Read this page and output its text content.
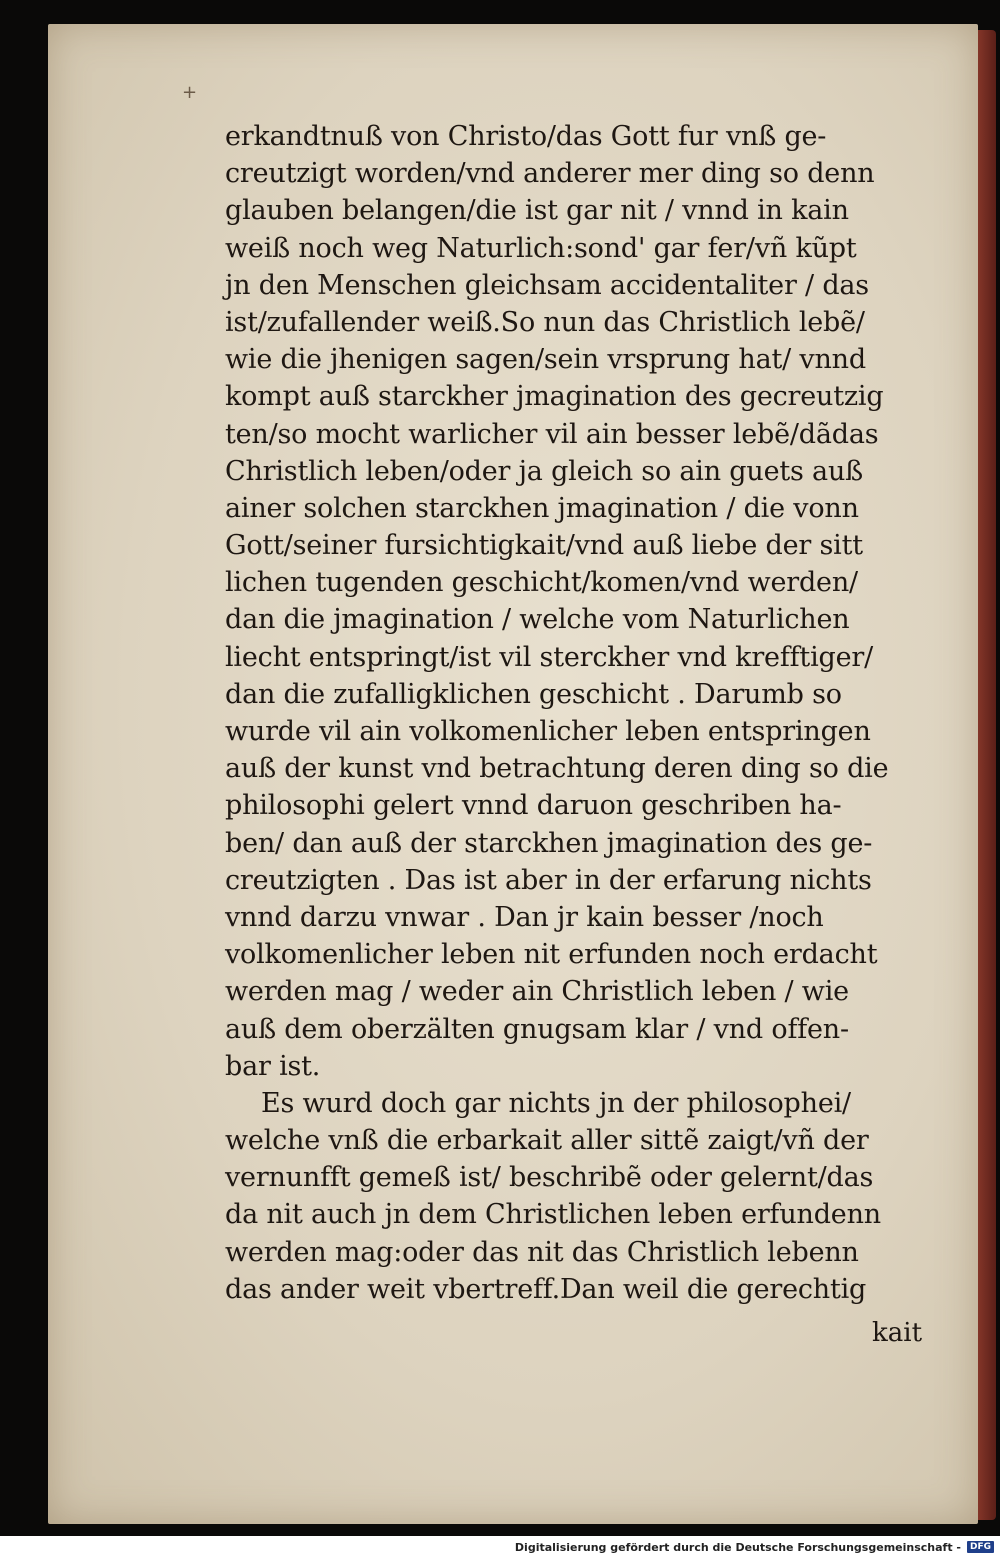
+
erkandtnuß von Christo/das Gott fur vnß ge-
creutzigt worden/vnd anderer mer ding so denn
glauben belangen/die ist gar nit / vnnd in kain
weiß noch weg Naturlich:sond' gar fer/vñ kũpt
jn den Menschen gleichsam accidentaliter / das
ist/zufallender weiß.So nun das Christlich lebẽ/
wie die jhenigen sagen/sein vrsprung hat/ vnnd
kompt auß starckher jmagination des gecreutzig
ten/so mocht warlicher vil ain besser lebẽ/dãdas
Christlich leben/oder ja gleich so ain guets auß
ainer solchen starckhen jmagination / die vonn
Gott/seiner fursichtigkait/vnd auß liebe der sitt
lichen tugenden geschicht/komen/vnd werden/
dan die jmagination / welche vom Naturlichen
liecht entspringt/ist vil sterckher vnd krefftiger/
dan die zufalligklichen geschicht . Darumb so
wurde vil ain volkomenlicher leben entspringen
auß der kunst vnd betrachtung deren ding so die
philosophi gelert vnnd daruon geschriben ha-
ben/ dan auß der starckhen jmagination des ge-
creutzigten . Das ist aber in der erfarung nichts
vnnd darzu vnwar . Dan jr kain besser /noch
volkomenlicher leben nit erfunden noch erdacht
werden mag / weder ain Christlich leben / wie
auß dem oberzälten gnugsam klar / vnd offen-
bar ist.
Es wurd doch gar nichts jn der philosophei/
welche vnß die erbarkait aller sittẽ zaigt/vñ der
vernunfft gemeß ist/ beschribẽ oder gelernt/das
da nit auch jn dem Christlichen leben erfundenn
werden mag:oder das nit das Christlich lebenn
das ander weit vbertreff.Dan weil die gerechtig
kait
Digitalisierung gefördert durch die Deutsche Forschungsgemeinschaft -	DFG
